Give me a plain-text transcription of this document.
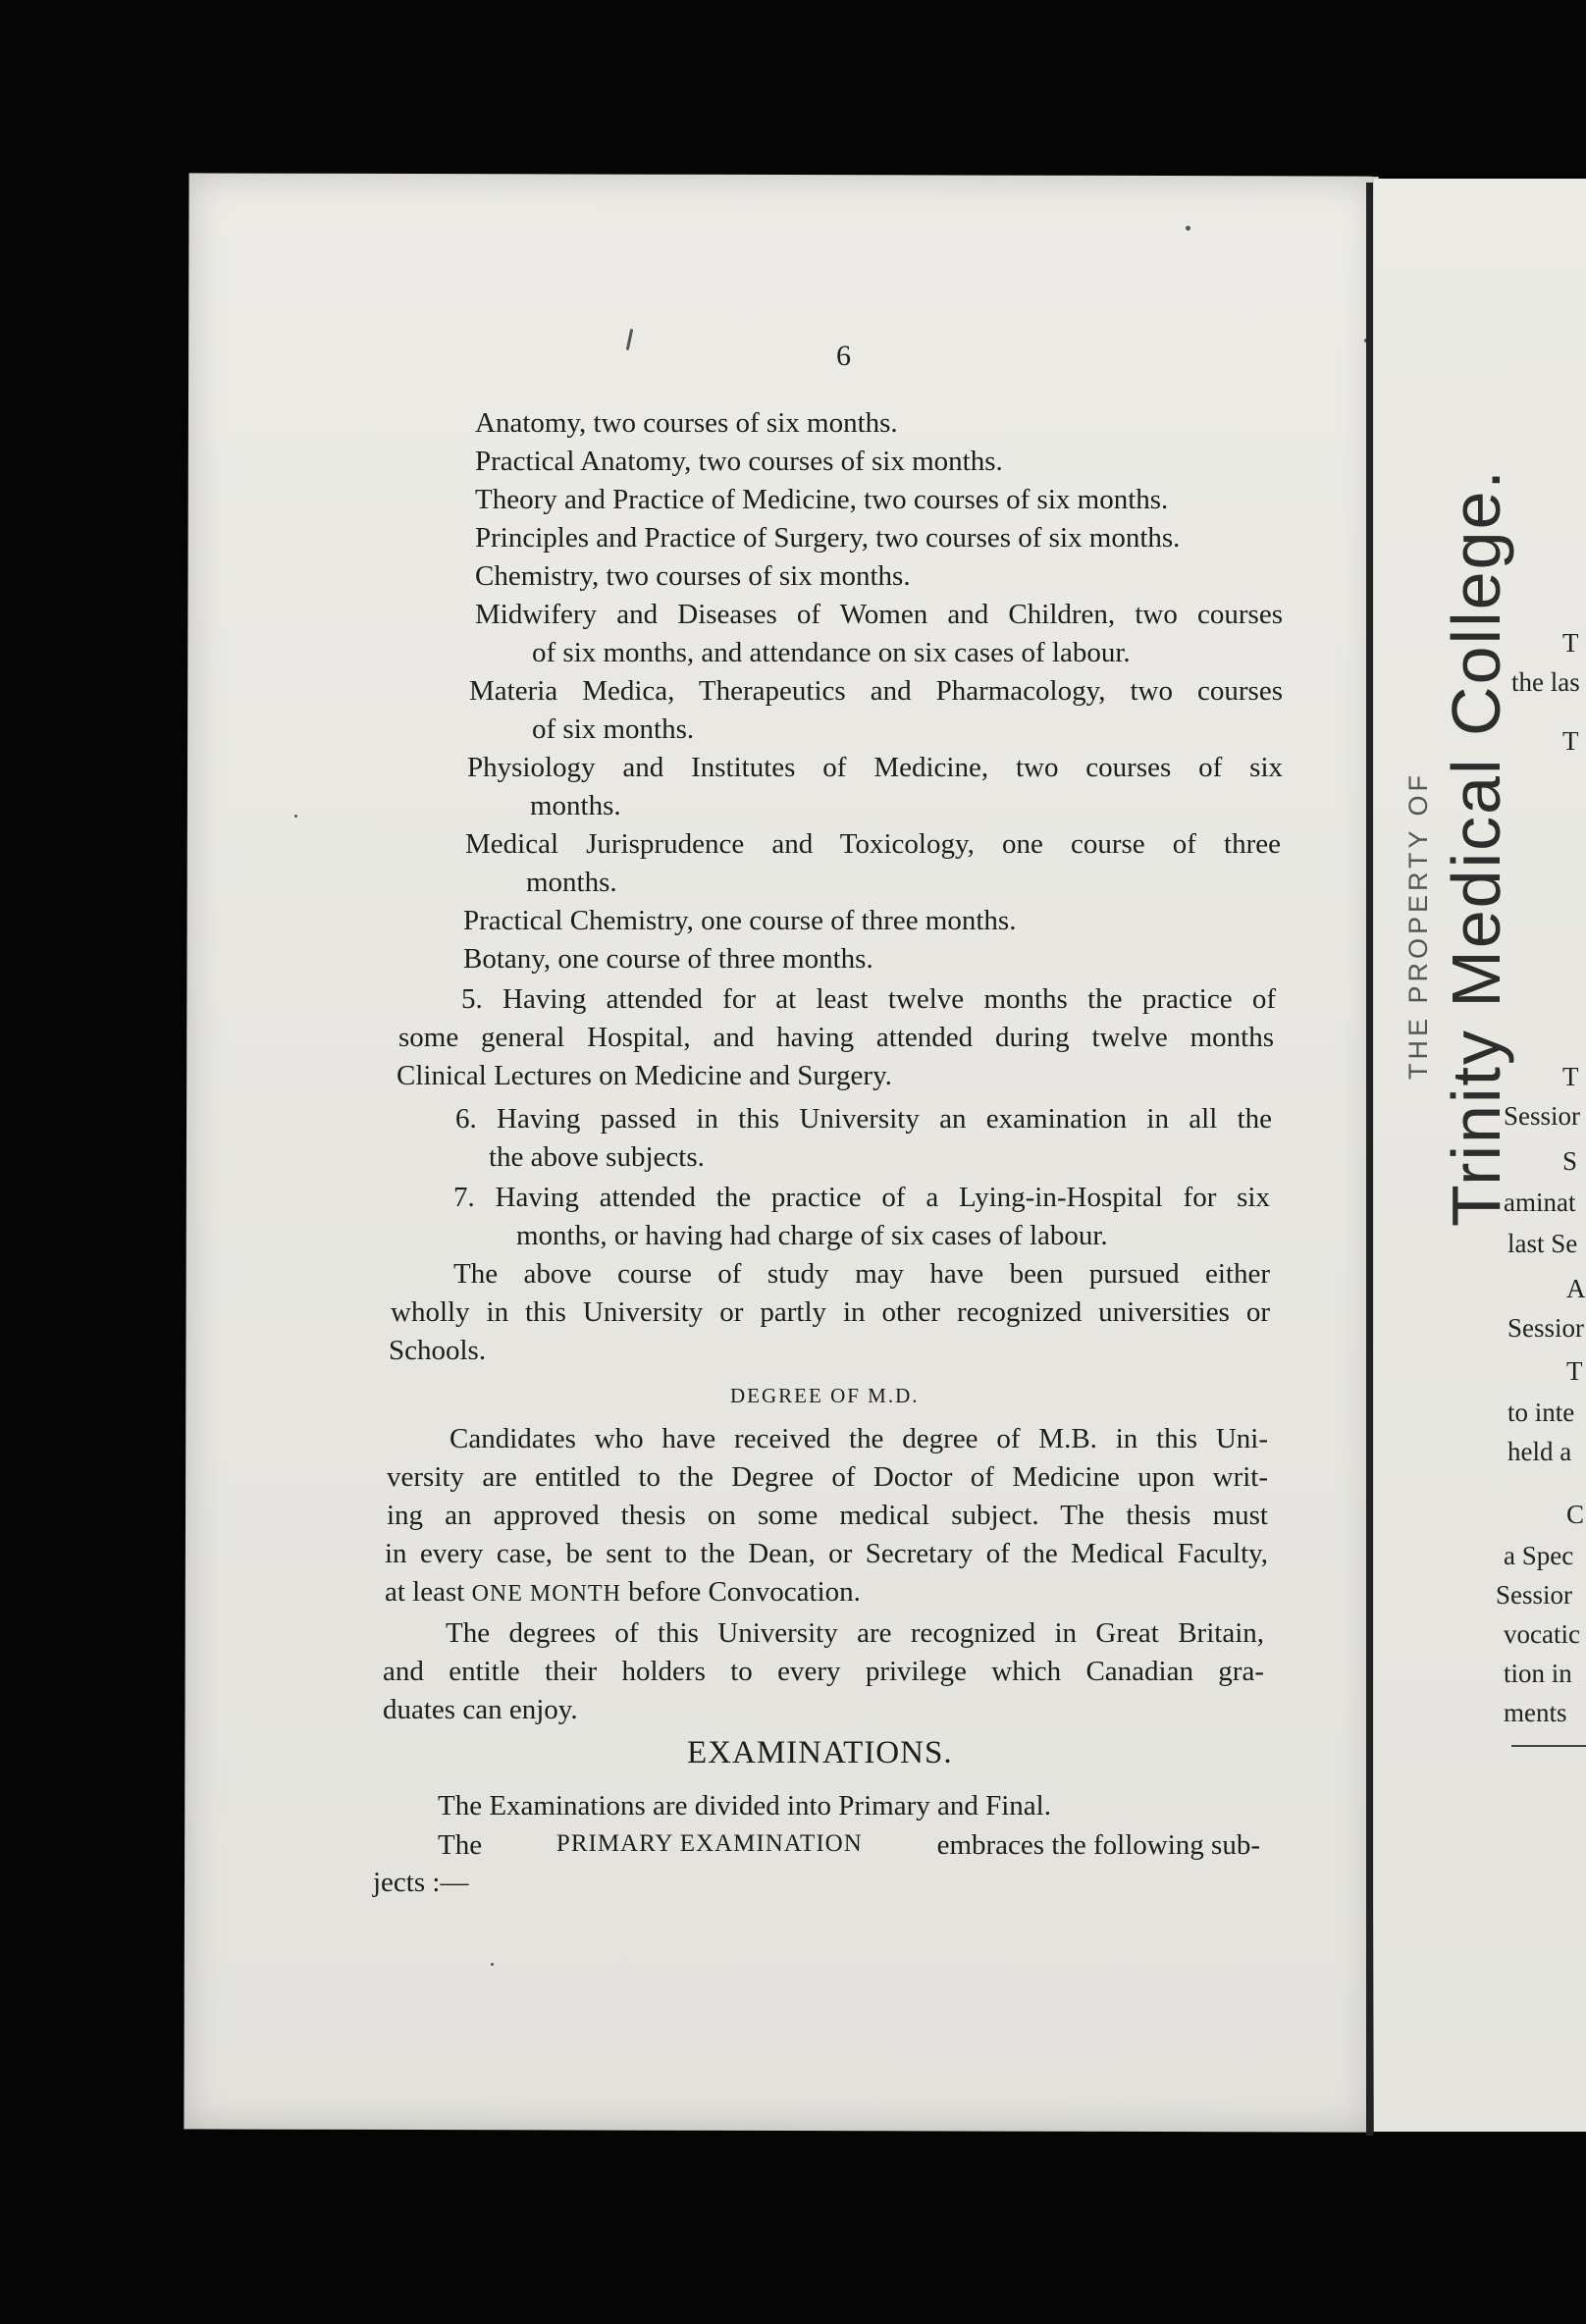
6
Anatomy, two courses of six months.
Practical Anatomy, two courses of six months.
Theory and Practice of Medicine, two courses of six months.
Principles and Practice of Surgery, two courses of six months.
Chemistry, two courses of six months.
Midwifery and Diseases of Women and Children, two courses
of six months, and attendance on six cases of labour.
Materia Medica, Therapeutics and Pharmacology, two courses
of six months.
Physiology and Institutes of Medicine, two courses of six
months.
Medical Jurisprudence and Toxicology, one course of three
months.
Practical Chemistry, one course of three months.
Botany, one course of three months.
5. Having attended for at least twelve months the practice of
some general Hospital, and having attended during twelve months
Clinical Lectures on Medicine and Surgery.
6. Having passed in this University an examination in all the
the above subjects.
7. Having attended the practice of a Lying-in-Hospital for six
months, or having had charge of six cases of labour.
The above course of study may have been pursued either
wholly in this University or partly in other recognized universities or
Schools.
DEGREE OF M.D.
Candidates who have received the degree of M.B. in this Uni-
versity are entitled to the Degree of Doctor of Medicine upon writ-
ing an approved thesis on some medical subject. The thesis must
in every case, be sent to the Dean, or Secretary of the Medical Faculty,
at least ONE MONTH before Convocation.
The degrees of this University are recognized in Great Britain,
and entitle their holders to every privilege which Canadian gra-
duates can enjoy.
EXAMINATIONS.
The Examinations are divided into Primary and Final.
The	PRIMARY EXAMINATION	embraces the following sub-
jects :—
T
the las
T
T
Sessior
S
aminat
last Se
A
Sessior
T
to inte
held a
C
a Spec
Sessior
vocatic
tion in
ments
THE PROPERTY OF Trinity Medical College.
